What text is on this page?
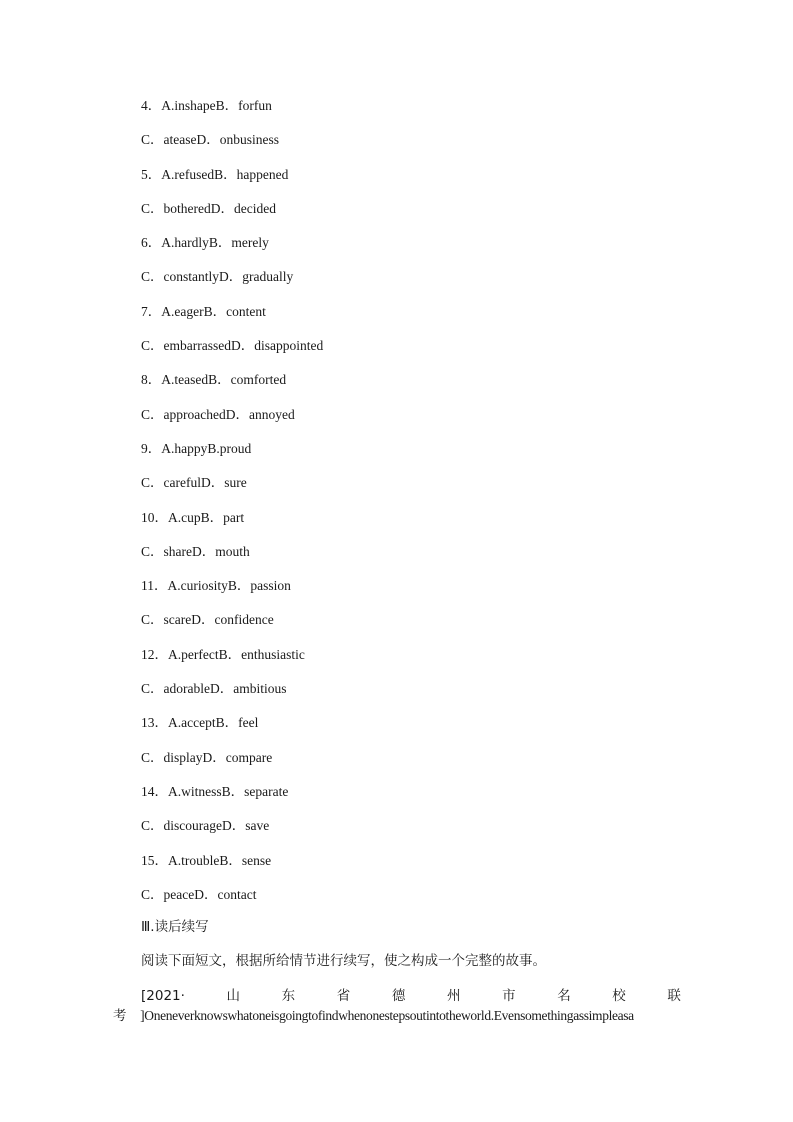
4．A.inshapeB．forfun
C．ateaseD．onbusiness
5．A.refusedB．happened
C．botheredD．decided
6．A.hardlyB．merely
C．constantlyD．gradually
7．A.eagerB．content
C．embarrassedD．disappointed
8．A.teasedB．comforted
C．approachedD．annoyed
9．A.happyB.proud
C．carefulD．sure
10．A.cupB．part
C．shareD．mouth
11．A.curiosityB．passion
C．scareD．confidence
12．A.perfectB．enthusiastic
C．adorableD．ambitious
13．A.acceptB．feel
C．displayD．compare
14．A.witnessB．separate
C．discourageD．save
15．A.troubleB．sense
C．peaceD．contact
Ⅲ.读后续写
阅读下面短文，根据所给情节进行续写，使之构成一个完整的故事。
[2021·	山	东	省	德	州	市	名	校	联
考 ]Oneneverknowswhatoneisgoingtofindwhenonestepsoutintotheworld.Evensomethingassimpleasa
